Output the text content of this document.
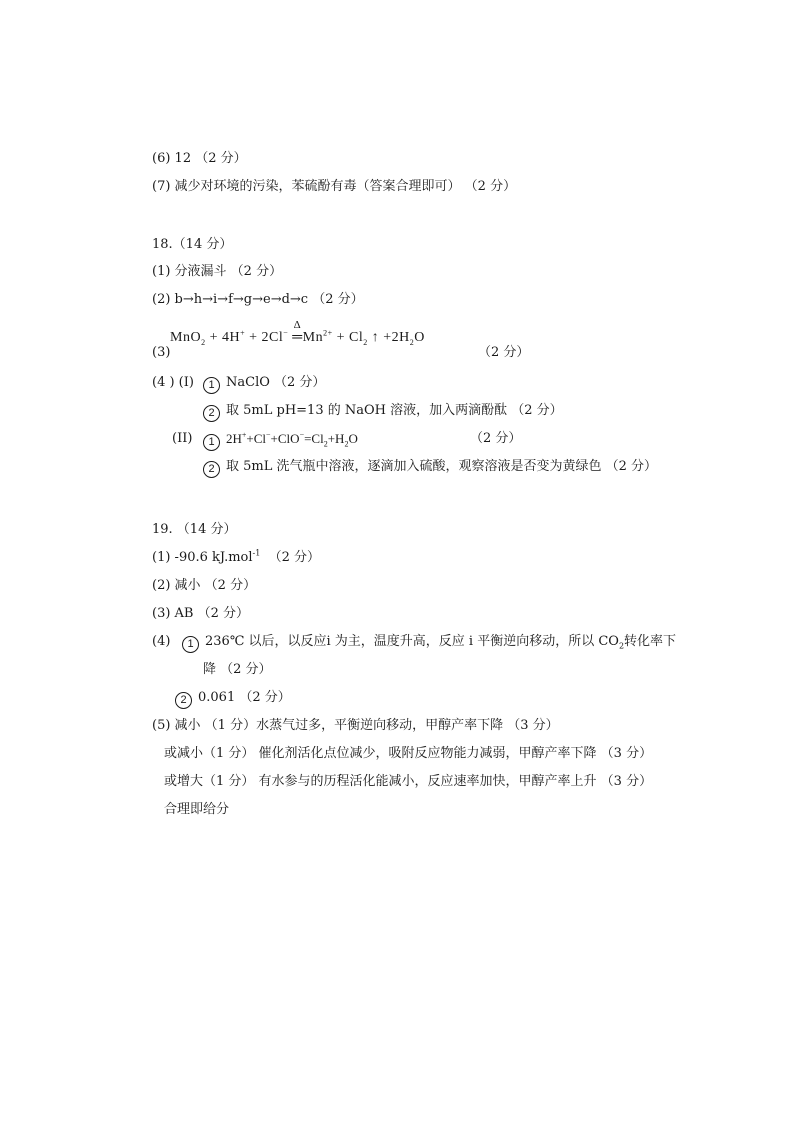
(6) 12 （2 分）
(7) 减少对环境的污染，苯硫酚有毒（答案合理即可） （2 分）
18.（14 分）
(1) 分液漏斗 （2 分）
(2) b→h→i→f→g→e→d→c （2 分）
MnO$_2$ + 4H+ + 2Cl−
Δ
$═Mn^{2+} + Cl_2$ ↑ $+2H_2O$
(3)	（2 分）
(4 ) (I)	1 NaClO （2 分）
2 取 5mL pH=13 的 NaOH 溶液，加入两滴酚酞 （2 分）
(II)	1 $2H^++Cl^-+ClO^-=Cl_2+H_2O$	（2 分）
2 取 5mL 洗气瓶中溶液，逐滴加入硫酸，观察溶液是否变为黄绿色 （2 分）
19. （14 分）
(1) -90.6 kJ.mol$^{-1}$ （2 分）
(2) 减小 （2 分）
(3) AB （2 分）
(4)	1 236℃ 以后，以反应i 为主，温度升高，反应 i 平衡逆向移动，所以 $CO_2$转化率下
降 （2 分）
2 0.061 （2 分）
(5) 减小 （1 分）水蒸气过多，平衡逆向移动，甲醇产率下降 （3 分）
或减小（1 分） 催化剂活化点位减少，吸附反应物能力减弱，甲醇产率下降 （3 分）
或增大（1 分） 有水参与的历程活化能减小，反应速率加快，甲醇产率上升 （3 分）
合理即给分
